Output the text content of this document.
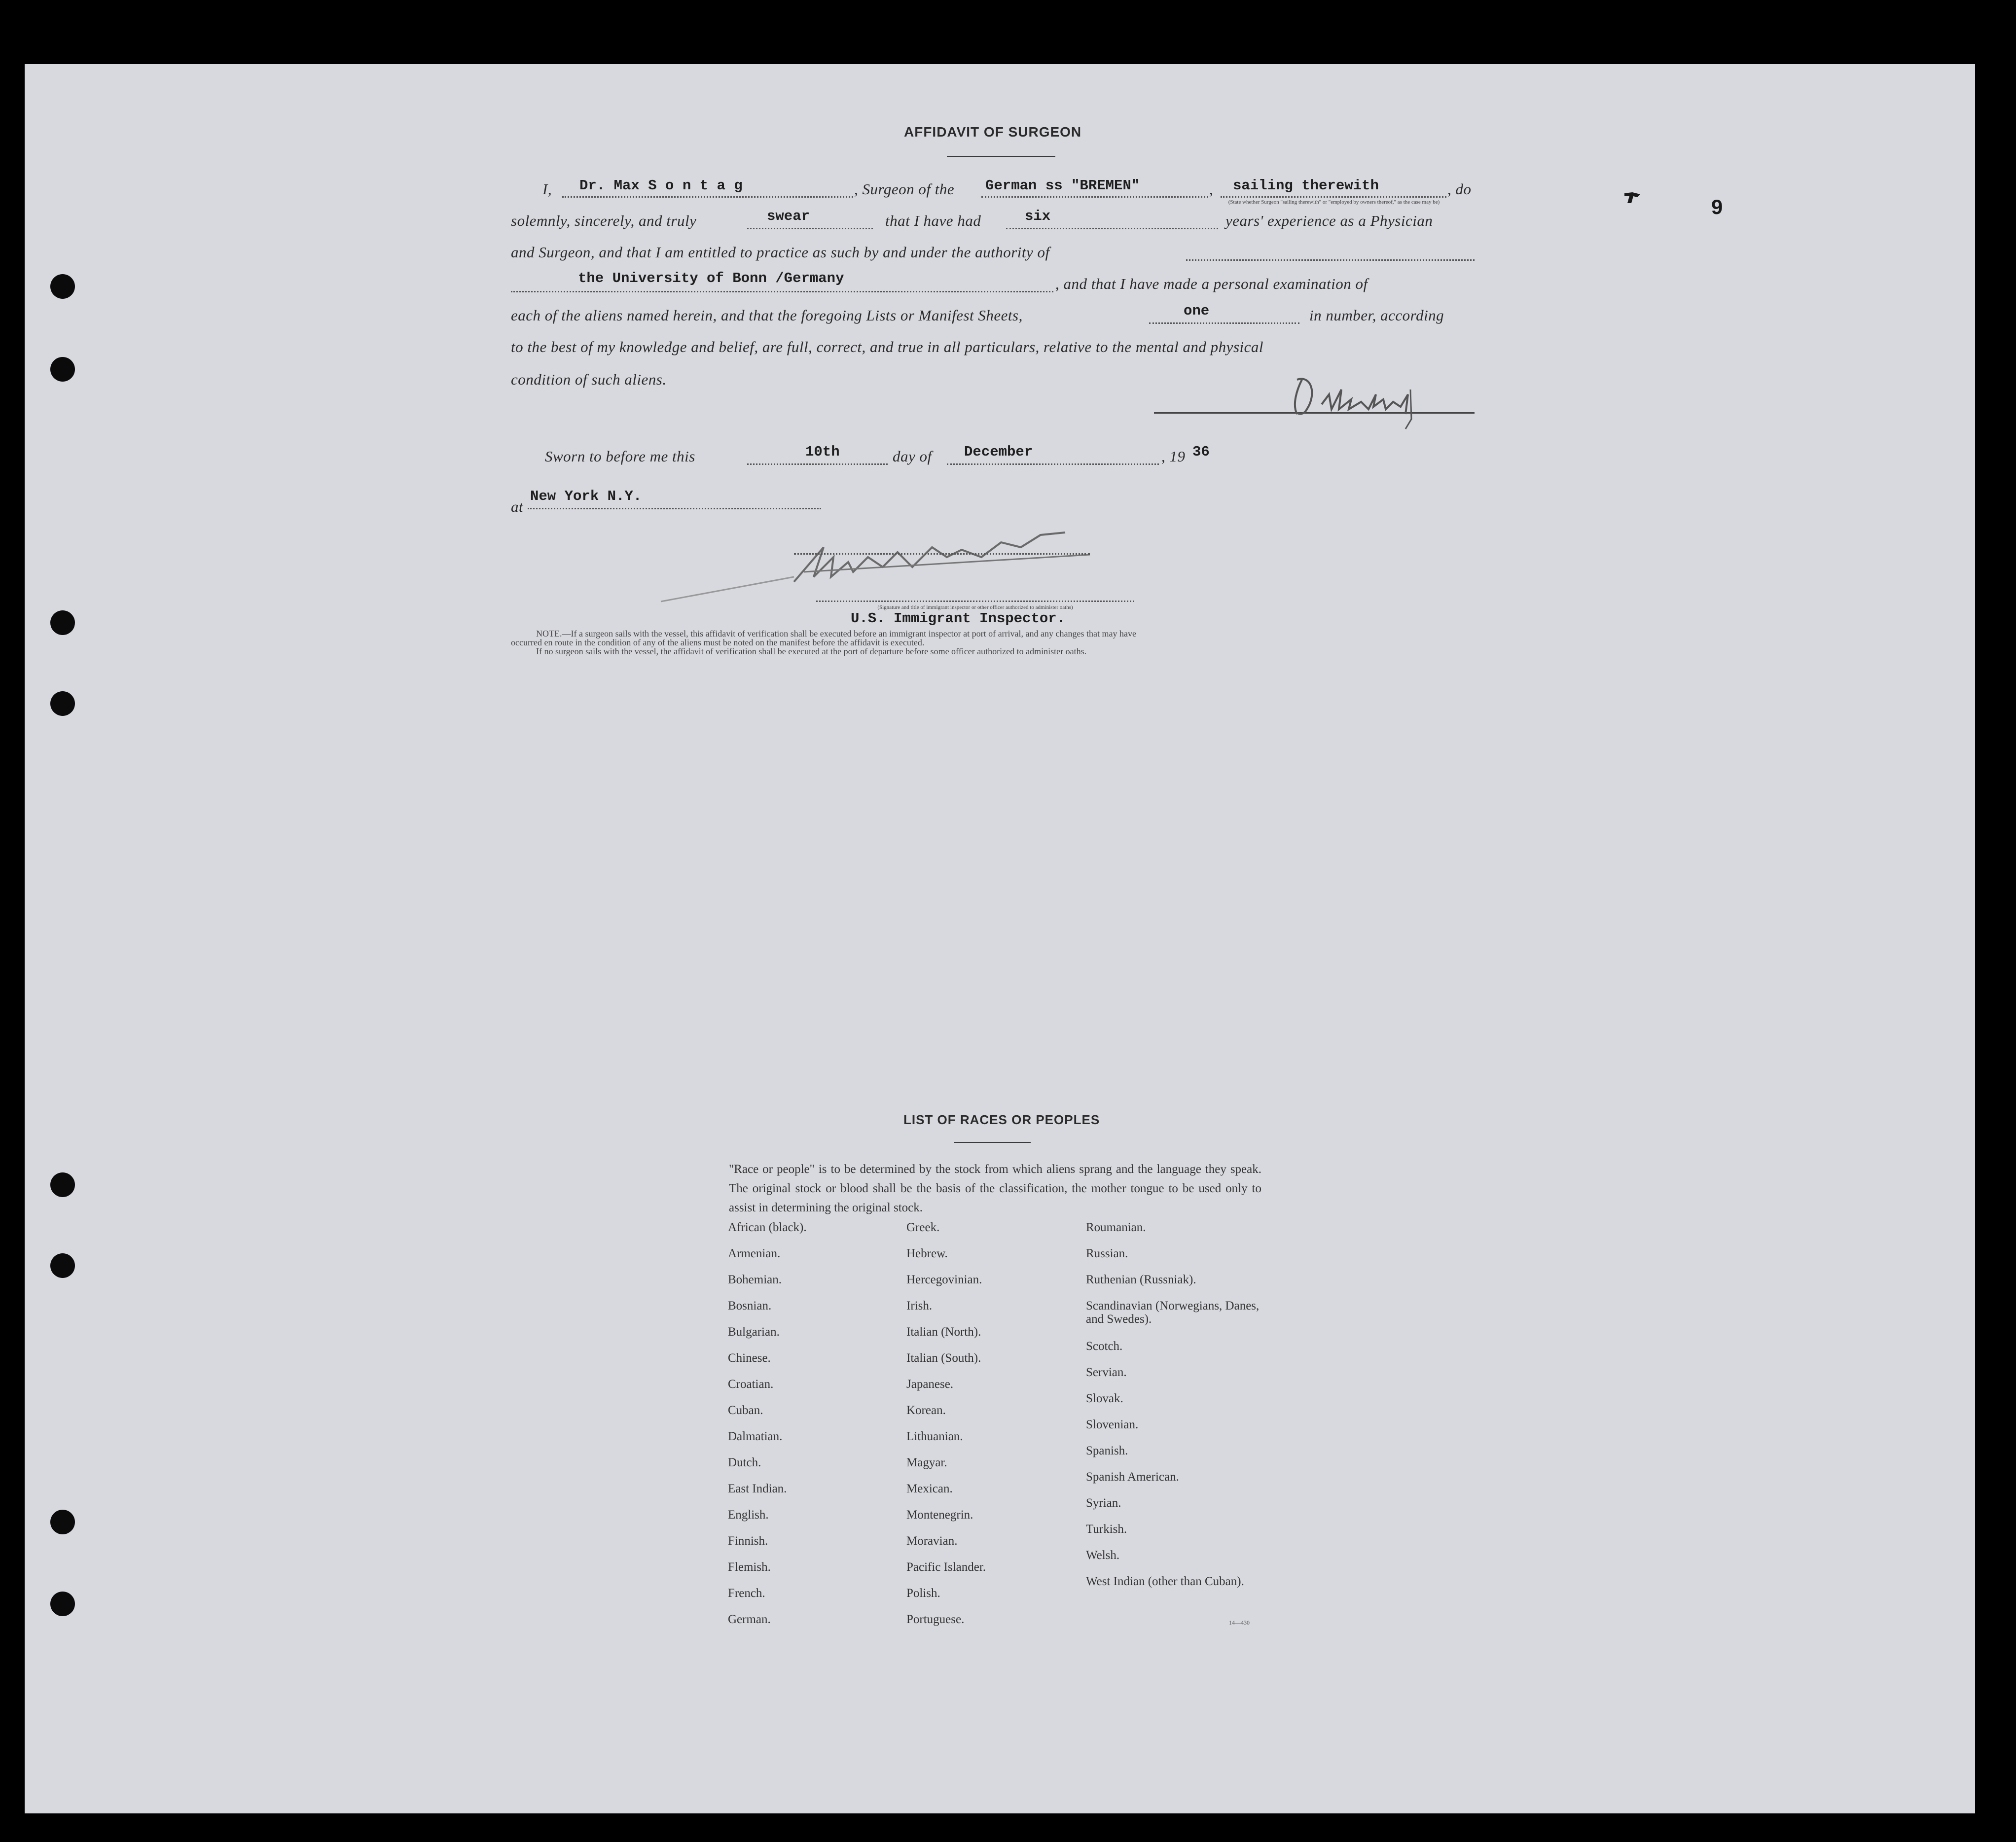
9
AFFIDAVIT OF SURGEON
I, Dr. Max S o n t a g	, Surgeon of the German ss "BREMEN"	, sailing therewith	, do
(State whether Surgeon "sailing therewith" or "employed by owners thereof," as the case may be)
solemnly, sincerely, and truly	swear	that I have had	six	years' experience as a Physician
and Surgeon, and that I am entitled to practice as such by and under the authority of
the University of Bonn /Germany	, and that I have made a personal examination of
each of the aliens named herein, and that the foregoing Lists or Manifest Sheets,	one	in number, according
to the best of my knowledge and belief, are full, correct, and true in all particulars, relative to the mental and physical
condition of such aliens.
Sworn to before me this	10th	day of December	, 19 36
at
New York N.Y.
(Signature and title of immigrant inspector or other officer authorized to administer oaths)
U.S. Immigrant Inspector.
NOTE.—If a surgeon sails with the vessel, this affidavit of verification shall be executed before an immigrant inspector at port of arrival, and any changes that may have
occurred en route in the condition of any of the aliens must be noted on the manifest before the affidavit is executed.
If no surgeon sails with the vessel, the affidavit of verification shall be executed at the port of departure before some officer authorized to administer oaths.
LIST OF RACES OR PEOPLES
"Race or people" is to be determined by the stock from which aliens sprang and the language they speak. The original stock or blood shall be the basis of the classification, the mother tongue to be used only to assist in determining the original stock.
African (black).
Armenian.
Bohemian.
Bosnian.
Bulgarian.
Chinese.
Croatian.
Cuban.
Dalmatian.
Dutch.
East Indian.
English.
Finnish.
Flemish.
French.
German.
Greek.
Hebrew.
Hercegovinian.
Irish.
Italian (North).
Italian (South).
Japanese.
Korean.
Lithuanian.
Magyar.
Mexican.
Montenegrin.
Moravian.
Pacific Islander.
Polish.
Portuguese.
Roumanian.
Russian.
Ruthenian (Russniak).
Scandinavian (Norwegians, Danes, and Swedes).
Scotch.
Servian.
Slovak.
Slovenian.
Spanish.
Spanish American.
Syrian.
Turkish.
Welsh.
West Indian (other than Cuban).
14—430
